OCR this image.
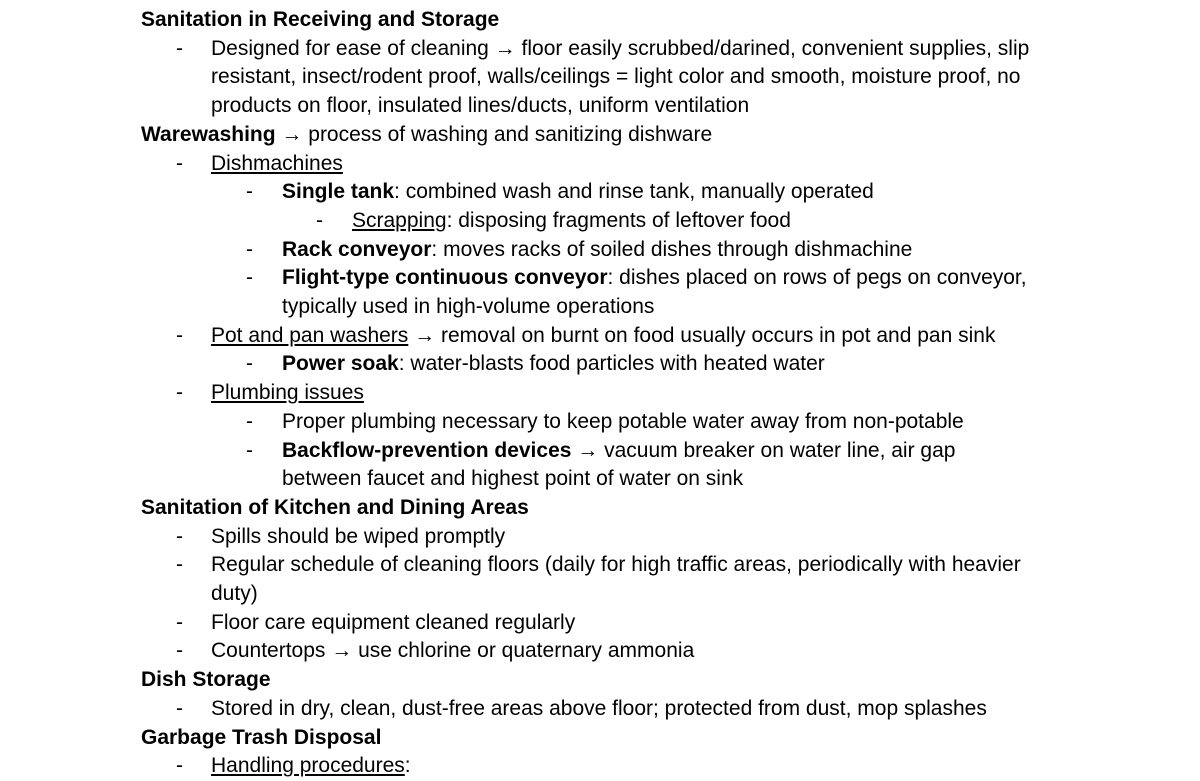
Sanitation in Receiving and Storage
-	Designed for ease of cleaning → floor easily scrubbed/darined, convenient supplies, slip resistant, insect/rodent proof, walls/ceilings = light color and smooth, moisture proof, no products on floor, insulated lines/ducts, uniform ventilation
Warewashing → process of washing and sanitizing dishware
-	Dishmachines
-	Single tank: combined wash and rinse tank, manually operated
-	Scrapping: disposing fragments of leftover food
-	Rack conveyor: moves racks of soiled dishes through dishmachine
-	Flight-type continuous conveyor: dishes placed on rows of pegs on conveyor, typically used in high-volume operations
-	Pot and pan washers → removal on burnt on food usually occurs in pot and pan sink
-	Power soak: water-blasts food particles with heated water
-	Plumbing issues
-	Proper plumbing necessary to keep potable water away from non-potable
-	Backflow-prevention devices → vacuum breaker on water line, air gap between faucet and highest point of water on sink
Sanitation of Kitchen and Dining Areas
-	Spills should be wiped promptly
-	Regular schedule of cleaning floors (daily for high traffic areas, periodically with heavier duty)
-	Floor care equipment cleaned regularly
-	Countertops → use chlorine or quaternary ammonia
Dish Storage
-	Stored in dry, clean, dust-free areas above floor; protected from dust, mop splashes
Garbage Trash Disposal
-	Handling procedures:
